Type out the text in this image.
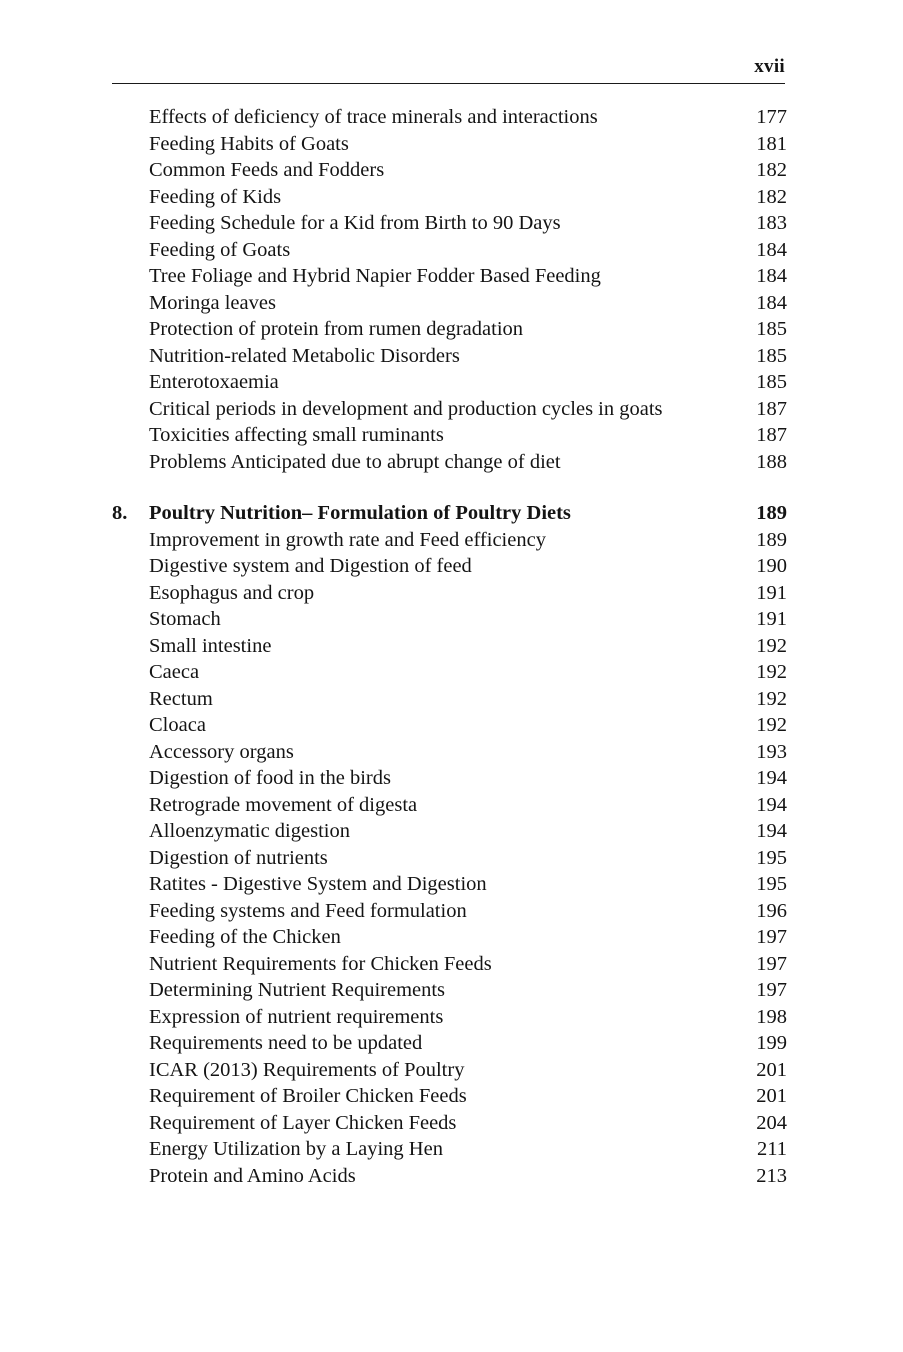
xvii
Effects of deficiency of trace minerals and interactions	177
Feeding Habits of Goats	181
Common Feeds and Fodders	182
Feeding of Kids	182
Feeding Schedule for a Kid from Birth to 90 Days	183
Feeding of Goats	184
Tree Foliage and Hybrid Napier Fodder Based Feeding	184
Moringa leaves	184
Protection of protein from rumen degradation	185
Nutrition-related Metabolic Disorders	185
Enterotoxaemia	185
Critical periods in development and production cycles in goats	187
Toxicities affecting small ruminants	187
Problems Anticipated due to abrupt change of diet	188
8. Poultry Nutrition– Formulation of Poultry Diets	189
Improvement in growth rate and Feed efficiency	189
Digestive system and Digestion of feed	190
Esophagus and crop	191
Stomach	191
Small intestine	192
Caeca	192
Rectum	192
Cloaca	192
Accessory organs	193
Digestion of food in the birds	194
Retrograde movement of digesta	194
Alloenzymatic digestion	194
Digestion of nutrients	195
Ratites - Digestive System and Digestion	195
Feeding systems and Feed formulation	196
Feeding of the Chicken	197
Nutrient Requirements for Chicken Feeds	197
Determining Nutrient Requirements	197
Expression of nutrient requirements	198
Requirements need to be updated	199
ICAR (2013) Requirements of Poultry	201
Requirement of Broiler Chicken Feeds	201
Requirement of Layer Chicken Feeds	204
Energy Utilization by a Laying Hen	211
Protein and Amino Acids	213
